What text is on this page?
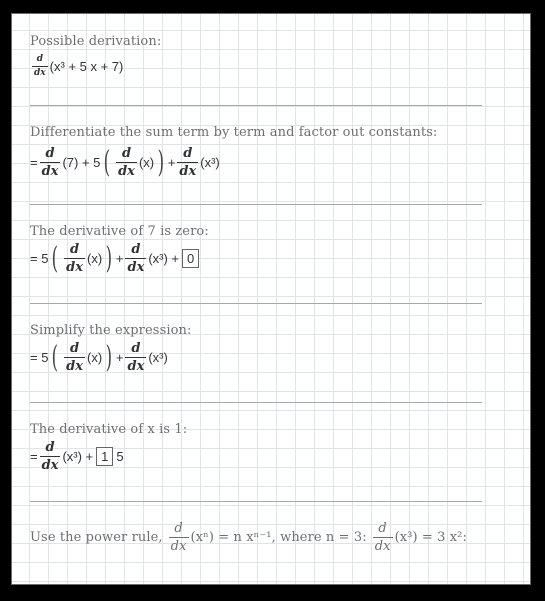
Possible derivation:
$\frac{d}{dx} (x^3 + 5$ x + 7)
Differentiate the sum term by term and factor out constants:
= $\frac{d}{dx} (7) + 5$ ( $\frac{d}{dx} (x)$ ) + $\frac{d}{dx} (x^3)$
The derivative of 7 is zero:
= 5 ( $\frac{d}{dx} (x)$ ) + $\frac{d}{dx} (x^3) + 0$
Simplify the expression:
= 5 ( $\frac{d}{dx} (x)$ ) + $\frac{d}{dx} (x^3)$
The derivative of x is 1:
= $\frac{d}{dx} (x^3) + 1$ 5
Use the power rule, $\frac{d}{dx} (x^n) = n$ xⁿ⁻¹, where n = 3: $\frac{d}{dx} (x^3) = 3$ x²:
